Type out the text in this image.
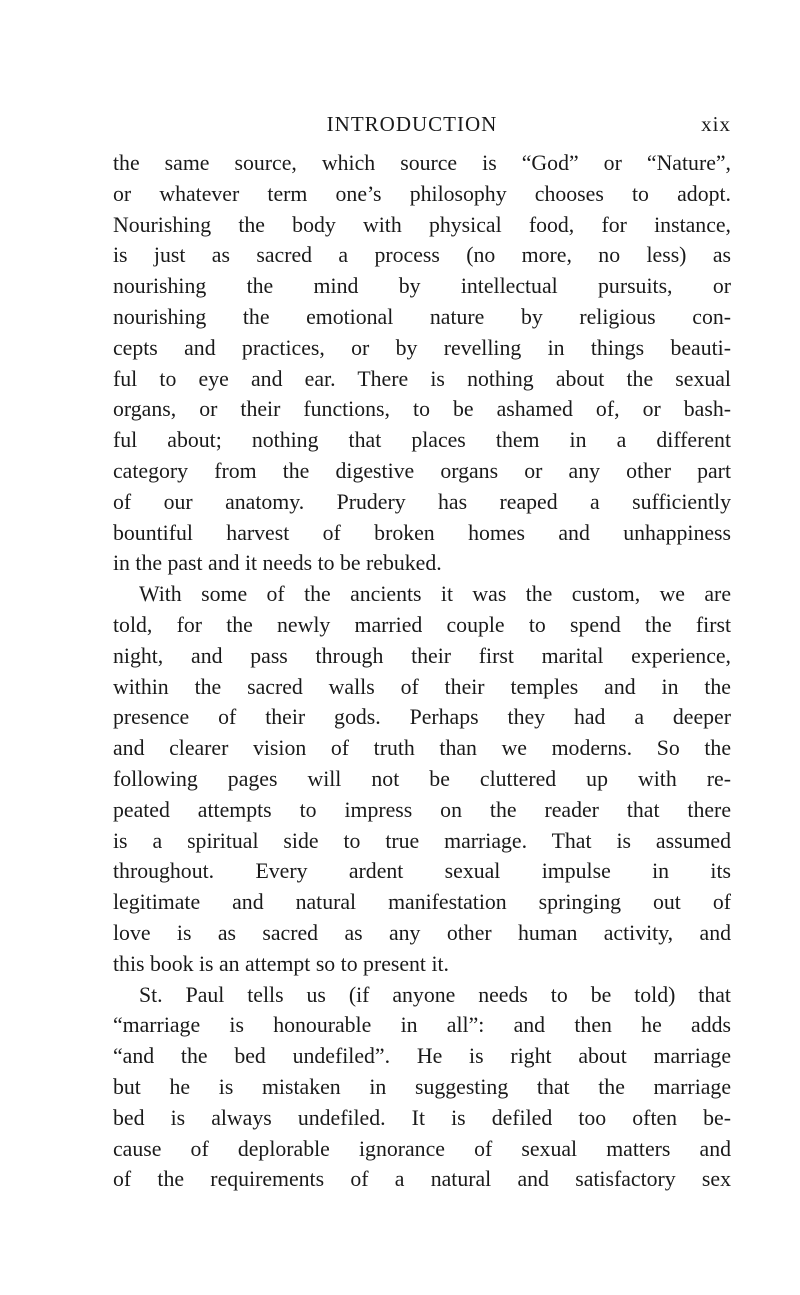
INTRODUCTION	xix
the same source, which source is “God” or “Nature”,
or whatever term one’s philosophy chooses to adopt.
Nourishing the body with physical food, for instance,
is just as sacred a process (no more, no less) as
nourishing the mind by intellectual pursuits, or
nourishing the emotional nature by religious con-
cepts and practices, or by revelling in things beauti-
ful to eye and ear. There is nothing about the sexual
organs, or their functions, to be ashamed of, or bash-
ful about; nothing that places them in a different
category from the digestive organs or any other part
of our anatomy. Prudery has reaped a sufficiently
bountiful harvest of broken homes and unhappiness
in the past and it needs to be rebuked.
With some of the ancients it was the custom, we are
told, for the newly married couple to spend the first
night, and pass through their first marital experience,
within the sacred walls of their temples and in the
presence of their gods. Perhaps they had a deeper
and clearer vision of truth than we moderns. So the
following pages will not be cluttered up with re-
peated attempts to impress on the reader that there
is a spiritual side to true marriage. That is assumed
throughout. Every ardent sexual impulse in its
legitimate and natural manifestation springing out of
love is as sacred as any other human activity, and
this book is an attempt so to present it.
St. Paul tells us (if anyone needs to be told) that
“marriage is honourable in all”: and then he adds
“and the bed undefiled”. He is right about marriage
but he is mistaken in suggesting that the marriage
bed is always undefiled. It is defiled too often be-
cause of deplorable ignorance of sexual matters and
of the requirements of a natural and satisfactory sex
